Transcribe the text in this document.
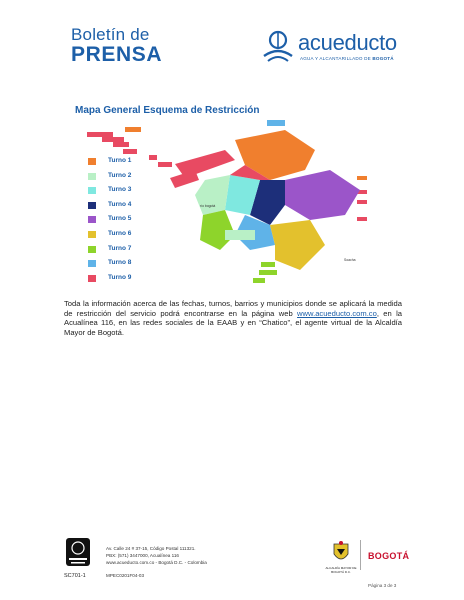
Boletín de
PRENSA	acueducto
AGUA Y ALCANTARILLADO DE BOGOTÁ
Mapa General Esquema de Restricción
Turno 1
Turno 2
Turno 3
Turno 4
Turno 5
Turno 6
Turno 7
Turno 8
Turno 9
río bogotá
Soacha

Toda la información acerca de las fechas, turnos, barrios y municipios donde se aplicará la medida de restricción del servicio podrá encontrarse en la página web www.acueducto.com.co, en la Acualínea 116, en las redes sociales de la EAAB y en “Chatico”, el agente virtual de la Alcaldía Mayor de Bogotá.

SC701-1
Av. Calle 24 # 37-15, Código Postal 111321.
PBX: (571) 3447000, Acualínea 116
www.acueducto.com.co - Bogotá D.C. - Colombia
MPEC0201F04-03
ALCALDÍA MAYOR DE BOGOTÁ D.C.
BOGOTÁ
Página 3 de 3
